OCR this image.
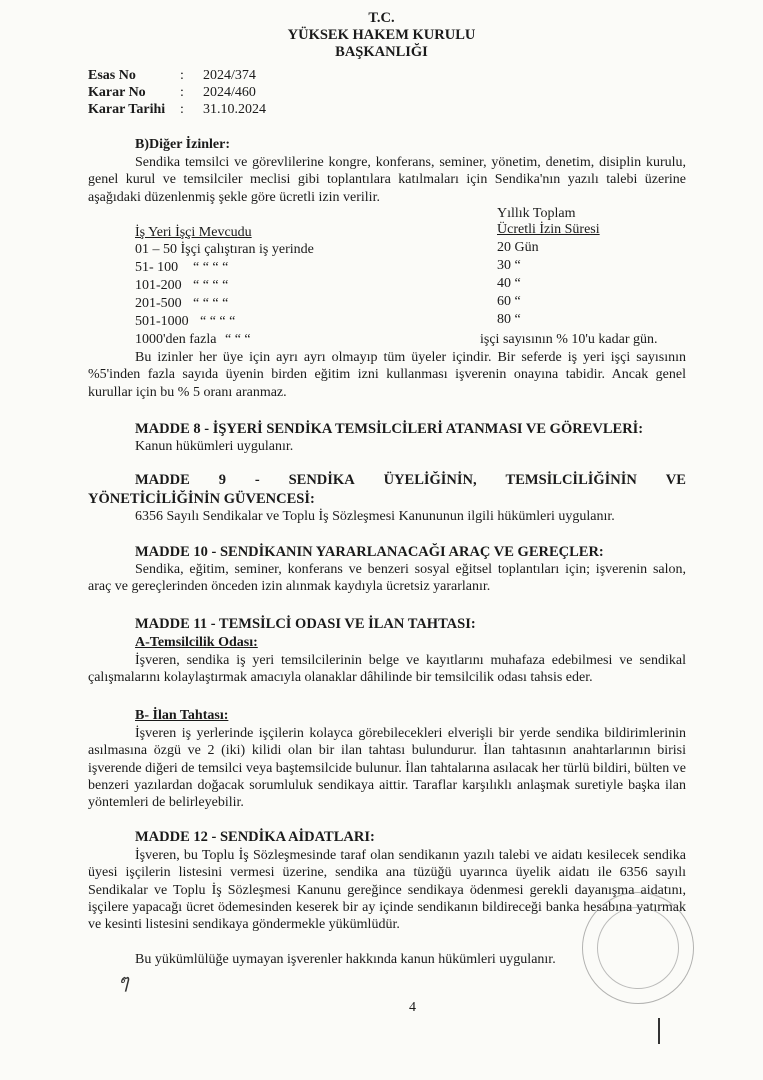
T.C.
YÜKSEK HAKEM KURULU
BAŞKANLIĞI
Esas No	: 2024/374
Karar No : 2024/460
Karar Tarihi : 31.10.2024
B)Diğer İzinler:
Sendika temsilci ve görevlilerine kongre, konferans, seminer, yönetim, denetim, disiplin kurulu, genel kurul ve temsilciler meclisi gibi toplantılara katılmaları için Sendika'nın yazılı talebi üzerine aşağıdaki düzenlenmiş şekle göre ücretli izin verilir.
Yıllık Toplam
İş Yeri İşçi Mevcudu	Ücretli İzin Süresi
01 – 50 İşçi çalıştıran iş yerinde	20 Gün
51- 100 “ “ “ “	30 “
101-200 “ “ “ “	40 “
201-500 “ “ “ “	60 “
501-1000 “ “ “ “	80 “
1000'den fazla “ “ “	işçi sayısının % 10'u kadar gün.
Bu izinler her üye için ayrı ayrı olmayıp tüm üyeler içindir. Bir seferde iş yeri işçi sayısının %5'inden fazla sayıda üyenin birden eğitim izni kullanması işverenin onayına tabidir. Ancak genel kurullar için bu % 5 oranı aranmaz.
MADDE 8 - İŞYERİ SENDİKA TEMSİLCİLERİ ATANMASI VE GÖREVLERİ:
Kanun hükümleri uygulanır.
MADDE 9 - SENDİKA ÜYELİĞİNİN, TEMSİLCİLİĞİNİN VE
YÖNETİCİLİĞİNİN GÜVENCESİ:
6356 Sayılı Sendikalar ve Toplu İş Sözleşmesi Kanununun ilgili hükümleri uygulanır.
MADDE 10 - SENDİKANIN YARARLANACAĞI ARAÇ VE GEREÇLER:
Sendika, eğitim, seminer, konferans ve benzeri sosyal eğitsel toplantıları için; işverenin salon, araç ve gereçlerinden önceden izin alınmak kaydıyla ücretsiz yararlanır.
MADDE 11 - TEMSİLCİ ODASI VE İLAN TAHTASI:
A-Temsilcilik Odası:
İşveren, sendika iş yeri temsilcilerinin belge ve kayıtlarını muhafaza edebilmesi ve sendikal çalışmalarını kolaylaştırmak amacıyla olanaklar dâhilinde bir temsilcilik odası tahsis eder.
B- İlan Tahtası:
İşveren iş yerlerinde işçilerin kolayca görebilecekleri elverişli bir yerde sendika bildirimlerinin asılmasına özgü ve 2 (iki) kilidi olan bir ilan tahtası bulundurur. İlan tahtasının anahtarlarının birisi işverende diğeri de temsilci veya baştemsilcide bulunur. İlan tahtalarına asılacak her türlü bildiri, bülten ve benzeri yazılardan doğacak sorumluluk sendikaya aittir. Taraflar karşılıklı anlaşmak suretiyle başka ilan yöntemleri de belirleyebilir.
MADDE 12 - SENDİKA AİDATLARI:
İşveren, bu Toplu İş Sözleşmesinde taraf olan sendikanın yazılı talebi ve aidatı kesilecek sendika üyesi işçilerin listesini vermesi üzerine, sendika ana tüzüğü uyarınca üyelik aidatı ile 6356 sayılı Sendikalar ve Toplu İş Sözleşmesi Kanunu gereğince sendikaya ödenmesi gerekli dayanışma aidatını, işçilere yapacağı ücret ödemesinden keserek bir ay içinde sendikanın bildireceği banka hesabına yatırmak ve kesinti listesini sendikaya göndermekle yükümlüdür.
Bu yükümlülüğe uymayan işverenler hakkında kanun hükümleri uygulanır.
ๆ
4
